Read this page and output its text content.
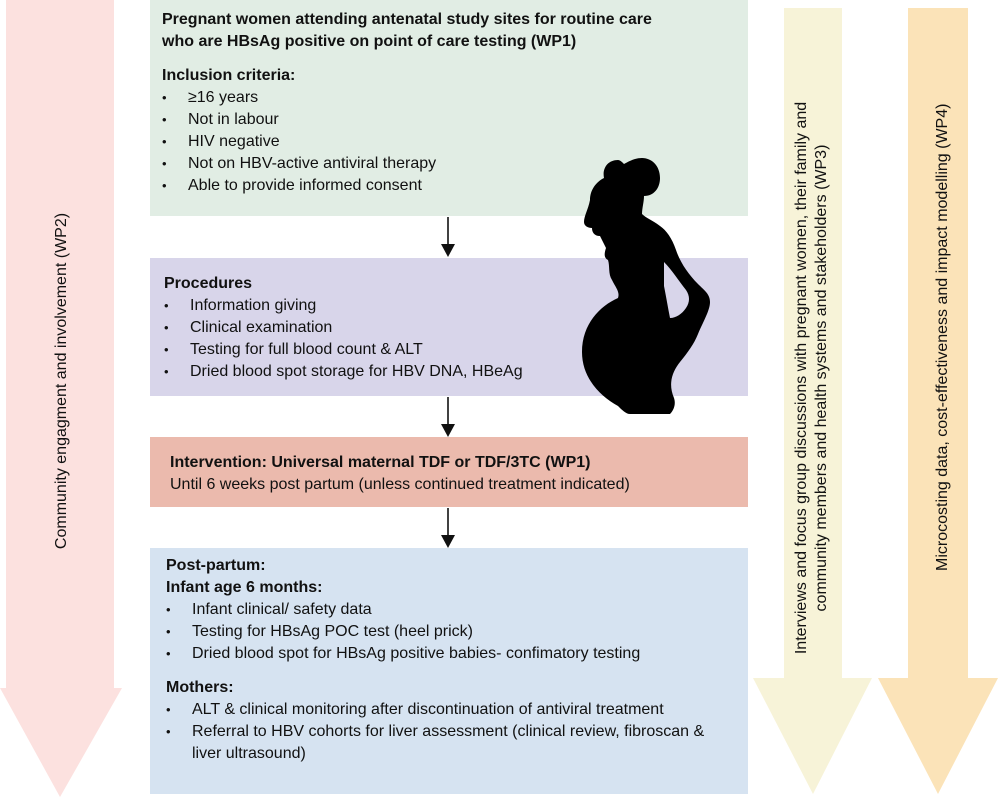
Community engagment and involvement (WP2)	Interviews and focus group discussions with pregnant women, their family and community members and health systems and stakeholders (WP3)	Microcosting data, cost-effectiveness and impact modelling (WP4)
Pregnant women attending antenatal study sites for routine care
who are HBsAg positive on point of care testing (WP1)
Inclusion criteria:
• ≥16 years
• Not in labour
• HIV negative
• Not on HBV-active antiviral therapy
• Able to provide informed consent
Procedures
• Information giving
• Clinical examination
• Testing for full blood count & ALT
• Dried blood spot storage for HBV DNA, HBeAg
Intervention: Universal maternal TDF or TDF/3TC (WP1)
Until 6 weeks post partum (unless continued treatment indicated)
Post-partum:
Infant age 6 months:
• Infant clinical/ safety data
• Testing for HBsAg POC test (heel prick)
• Dried blood spot for HBsAg positive babies- confimatory testing
Mothers:
• ALT & clinical monitoring after discontinuation of antiviral treatment
• Referral to HBV cohorts for liver assessment (clinical review, fibroscan & liver ultrasound)
